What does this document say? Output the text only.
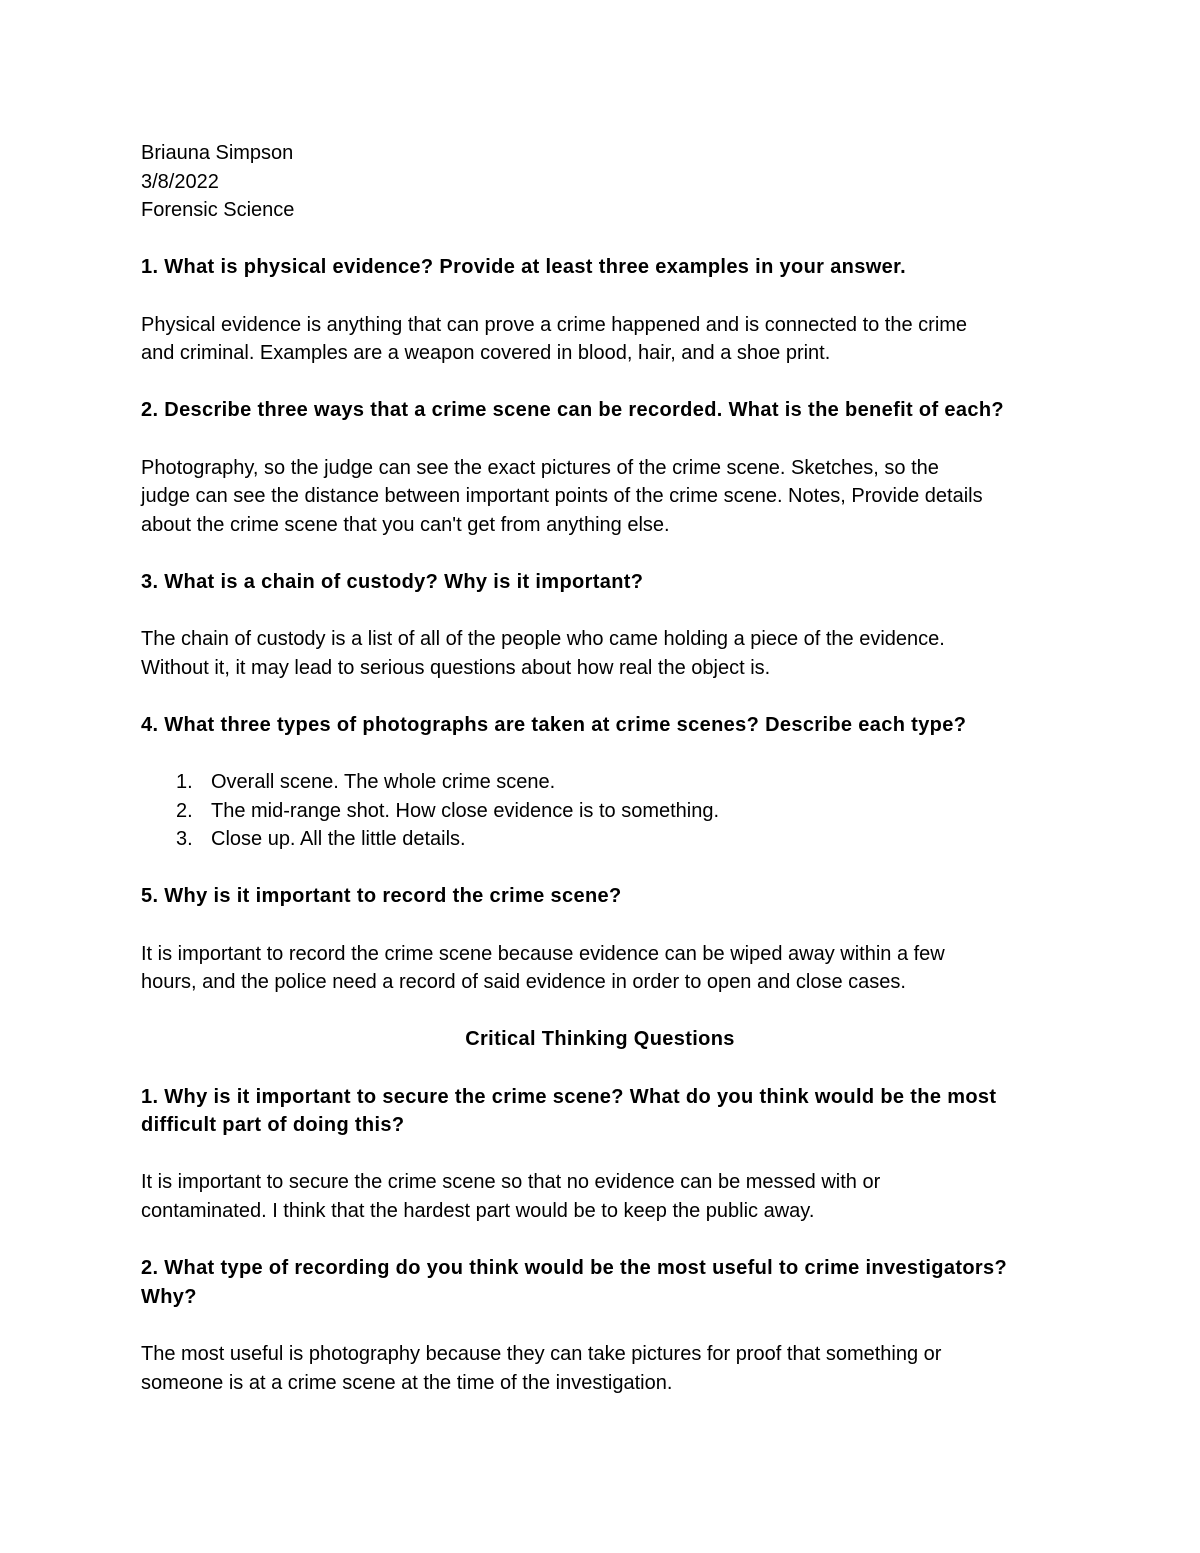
Briauna Simpson

3/8/2022

Forensic Science

1. What is physical evidence? Provide at least three examples in your answer.

Physical evidence is anything that can prove a crime happened and is connected to the crime

and criminal. Examples are a weapon covered in blood, hair, and a shoe print.

2. Describe three ways that a crime scene can be recorded. What is the benefit of each?

Photography, so the judge can see the exact pictures of the crime scene. Sketches, so the

judge can see the distance between important points of the crime scene. Notes, Provide details

about the crime scene that you can't get from anything else.

3. What is a chain of custody? Why is it important?

The chain of custody is a list of all of the people who came holding a piece of the evidence.

Without it, it may lead to serious questions about how real the object is.

4. What three types of photographs are taken at crime scenes? Describe each type?

1. Overall scene. The whole crime scene.
2. The mid-range shot. How close evidence is to something.
3. Close up. All the little details.

5. Why is it important to record the crime scene?

It is important to record the crime scene because evidence can be wiped away within a few

hours, and the police need a record of said evidence in order to open and close cases.

Critical Thinking Questions

1. Why is it important to secure the crime scene? What do you think would be the most

difficult part of doing this?

It is important to secure the crime scene so that no evidence can be messed with or

contaminated. I think that the hardest part would be to keep the public away.

2. What type of recording do you think would be the most useful to crime investigators?

Why?

The most useful is photography because they can take pictures for proof that something or

someone is at a crime scene at the time of the investigation.
